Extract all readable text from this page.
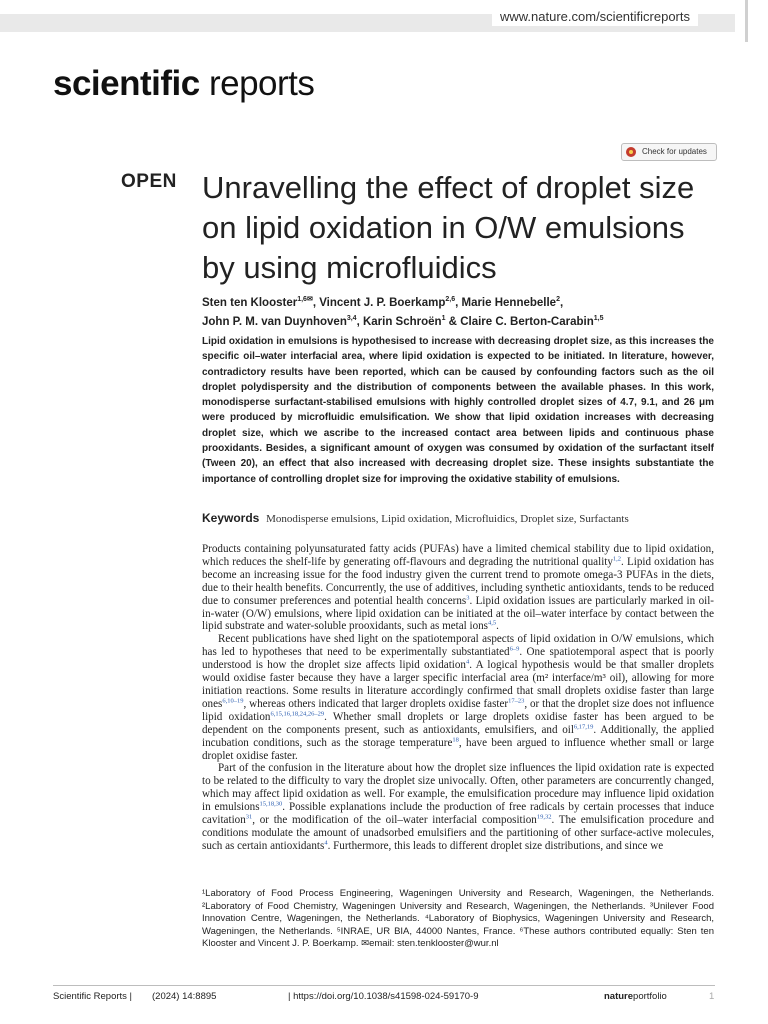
www.nature.com/scientificreports
scientific reports
Check for updates
OPEN Unravelling the effect of droplet size on lipid oxidation in O/W emulsions by using microfluidics
Sten ten Klooster$^{1,6✉}$, Vincent J. P. Boerkamp$^{2,6}$, Marie Hennebelle$^2$,
John P. M. van Duynhoven$^{3,4}$, Karin Schroën$^1$ & Claire C. Berton-Carabin$^{1,5}$

Lipid oxidation in emulsions is hypothesised to increase with decreasing droplet size, as this increases the specific oil–water interfacial area, where lipid oxidation is expected to be initiated. In literature, however, contradictory results have been reported, which can be caused by confounding factors such as the oil droplet polydispersity and the distribution of components between the available phases. In this work, monodisperse surfactant-stabilised emulsions with highly controlled droplet sizes of 4.7, 9.1, and 26 μm were produced by microfluidic emulsification. We show that lipid oxidation increases with decreasing droplet size, which we ascribe to the increased contact area between lipids and continuous phase prooxidants. Besides, a significant amount of oxygen was consumed by oxidation of the surfactant itself (Tween 20), an effect that also increased with decreasing droplet size. These insights substantiate the importance of controlling droplet size for improving the oxidative stability of emulsions.

Keywords Monodisperse emulsions, Lipid oxidation, Microfluidics, Droplet size, Surfactants

Products containing polyunsaturated fatty acids (PUFAs) have a limited chemical stability due to lipid oxidation, which reduces the shelf-life by generating off-flavours and degrading the nutritional quality$^{1,2}$. Lipid oxidation has become an increasing issue for the food industry given the current trend to promote omega-3 PUFAs in the diets, due to their health benefits. Concurrently, the use of additives, including synthetic antioxidants, tends to be reduced due to consumer preferences and potential health concerns$^3$. Lipid oxidation issues are particularly marked in oil-in-water (O/W) emulsions, where lipid oxidation can be initiated at the oil–water interface by contact between the lipid substrate and water-soluble prooxidants, such as metal ions$^{4,5}$.

Recent publications have shed light on the spatiotemporal aspects of lipid oxidation in O/W emulsions, which has led to hypotheses that need to be experimentally substantiated$^{6-9}$. One spatiotemporal aspect that is poorly understood is how the droplet size affects lipid oxidation$^4$. A logical hypothesis would be that smaller droplets would oxidise faster because they have a larger specific interfacial area (m² interface/m³ oil), allowing for more initiation reactions. Some results in literature accordingly confirmed that small droplets oxidise faster than large ones$^{6,10-19}$, whereas others indicated that larger droplets oxidise faster$^{17-23}$, or that the droplet size does not influence lipid oxidation$^{6,15,16,18,24,26-29}$. Whether small droplets or large droplets oxidise faster has been argued to be dependent on the components present, such as antioxidants, emulsifiers, and oil$^{6,17,19}$. Additionally, the applied incubation conditions, such as the storage temperature$^{18}$, have been argued to influence whether small or large droplet oxidise faster.

Part of the confusion in the literature about how the droplet size influences the lipid oxidation rate is expected to be related to the difficulty to vary the droplet size univocally. Often, other parameters are concurrently changed, which may affect lipid oxidation as well. For example, the emulsification procedure may influence lipid oxidation in emulsions$^{15,18,30}$. Possible explanations include the production of free radicals by certain processes that induce cavitation$^{31}$, or the modification of the oil–water interfacial composition$^{19,32}$. The emulsification procedure and conditions modulate the amount of unadsorbed emulsifiers and the partitioning of other surface-active molecules, such as certain antioxidants$^4$. Furthermore, this leads to different droplet size distributions, and since we

¹Laboratory of Food Process Engineering, Wageningen University and Research, Wageningen, the Netherlands. ²Laboratory of Food Chemistry, Wageningen University and Research, Wageningen, the Netherlands. ³Unilever Food Innovation Centre, Wageningen, the Netherlands. ⁴Laboratory of Biophysics, Wageningen University and Research, Wageningen, the Netherlands. ⁵INRAE, UR BIA, 44000 Nantes, France. ⁶These authors contributed equally: Sten ten Klooster and Vincent J. P. Boerkamp. ✉email: sten.tenklooster@wur.nl
Scientific Reports | (2024) 14:8895	| https://doi.org/10.1038/s41598-024-59170-9	natureportfolio	1
